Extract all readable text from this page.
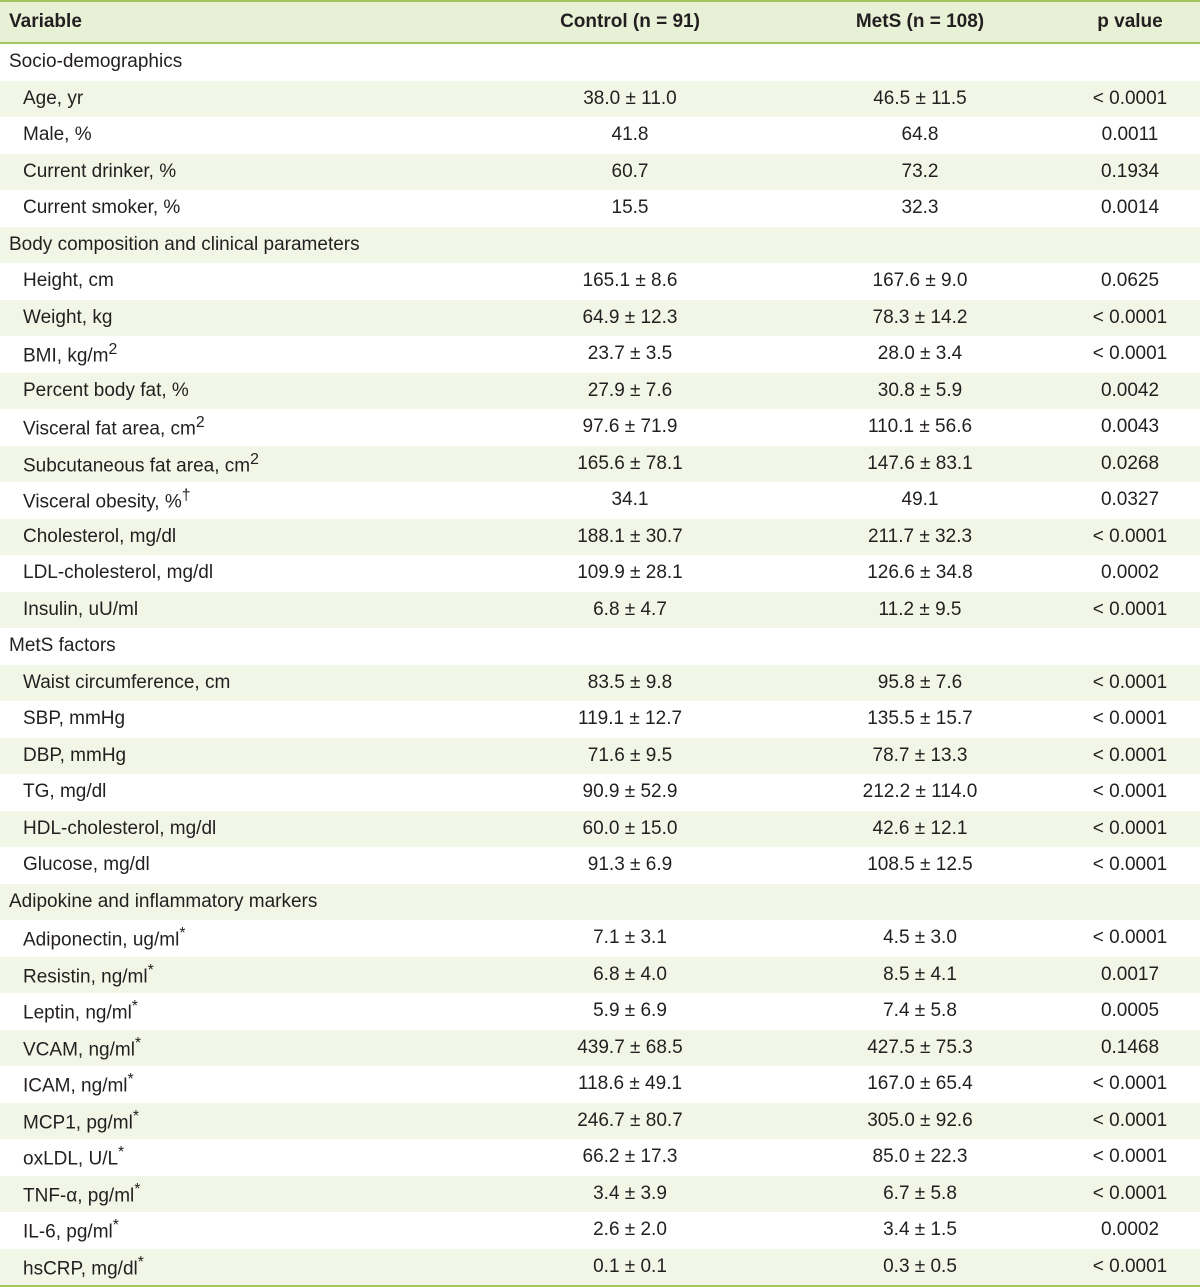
Variable	Control (n = 91)	MetS (n = 108)	p value
Socio-demographics			
Age, yr	38.0 ± 11.0	46.5 ± 11.5	< 0.0001
Male, %	41.8	64.8	0.0011
Current drinker, %	60.7	73.2	0.1934
Current smoker, %	15.5	32.3	0.0014
Body composition and clinical parameters			
Height, cm	165.1 ± 8.6	167.6 ± 9.0	0.0625
Weight, kg	64.9 ± 12.3	78.3 ± 14.2	< 0.0001
BMI, $kg/m^2$	23.7 ± 3.5	28.0 ± 3.4	< 0.0001
Percent body fat, %	27.9 ± 7.6	30.8 ± 5.9	0.0042
Visceral fat area, $cm^2$	97.6 ± 71.9	110.1 ± 56.6	0.0043
Subcutaneous fat area, $cm^2$	165.6 ± 78.1	147.6 ± 83.1	0.0268
Visceral obesity, %†	34.1	49.1	0.0327
Cholesterol, mg/dl	188.1 ± 30.7	211.7 ± 32.3	< 0.0001
LDL-cholesterol, mg/dl	109.9 ± 28.1	126.6 ± 34.8	0.0002
Insulin, uU/ml	6.8 ± 4.7	11.2 ± 9.5	< 0.0001
MetS factors			
Waist circumference, cm	83.5 ± 9.8	95.8 ± 7.6	< 0.0001
SBP, mmHg	119.1 ± 12.7	135.5 ± 15.7	< 0.0001
DBP, mmHg	71.6 ± 9.5	78.7 ± 13.3	< 0.0001
TG, mg/dl	90.9 ± 52.9	212.2 ± 114.0	< 0.0001
HDL-cholesterol, mg/dl	60.0 ± 15.0	42.6 ± 12.1	< 0.0001
Glucose, mg/dl	91.3 ± 6.9	108.5 ± 12.5	< 0.0001
Adipokine and inflammatory markers			
Adiponectin, ug/ml*	7.1 ± 3.1	4.5 ± 3.0	< 0.0001
Resistin, ng/ml*	6.8 ± 4.0	8.5 ± 4.1	0.0017
Leptin, ng/ml*	5.9 ± 6.9	7.4 ± 5.8	0.0005
VCAM, ng/ml*	439.7 ± 68.5	427.5 ± 75.3	0.1468
ICAM, ng/ml*	118.6 ± 49.1	167.0 ± 65.4	< 0.0001
MCP1, pg/ml*	246.7 ± 80.7	305.0 ± 92.6	< 0.0001
oxLDL, U/L*	66.2 ± 17.3	85.0 ± 22.3	< 0.0001
TNF-α, pg/ml*	3.4 ± 3.9	6.7 ± 5.8	< 0.0001
IL-6, pg/ml*	2.6 ± 2.0	3.4 ± 1.5	0.0002
hsCRP, mg/dl*	0.1 ± 0.1	0.3 ± 0.5	< 0.0001
